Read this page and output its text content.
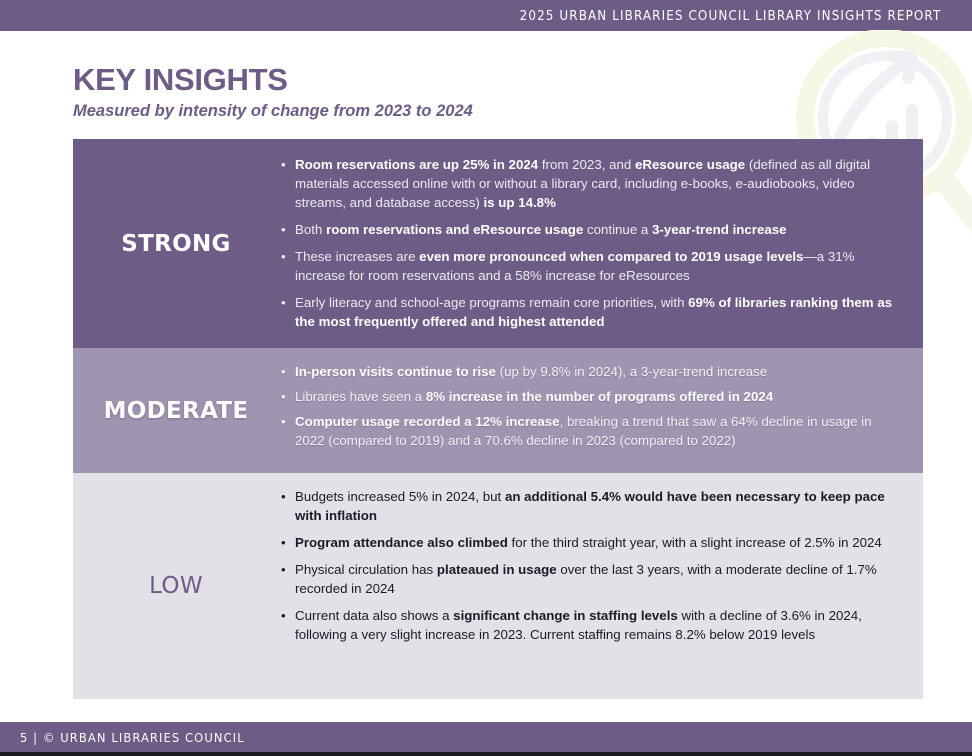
2025 URBAN LIBRARIES COUNCIL LIBRARY INSIGHTS REPORT
KEY INSIGHTS
Measured by intensity of change from 2023 to 2024
STRONG
• Room reservations are up 25% in 2024 from 2023, and eResource usage (defined as all digital materials accessed online with or without a library card, including e-books, e-audiobooks, video streams, and database access) is up 14.8%
• Both room reservations and eResource usage continue a 3-year-trend increase
• These increases are even more pronounced when compared to 2019 usage levels—a 31% increase for room reservations and a 58% increase for eResources
• Early literacy and school-age programs remain core priorities, with 69% of libraries ranking them as the most frequently offered and highest attended
MODERATE
• In-person visits continue to rise (up by 9.8% in 2024), a 3-year-trend increase
• Libraries have seen a 8% increase in the number of programs offered in 2024
• Computer usage recorded a 12% increase, breaking a trend that saw a 64% decline in usage in 2022 (compared to 2019) and a 70.6% decline in 2023 (compared to 2022)
LOW
• Budgets increased 5% in 2024, but an additional 5.4% would have been necessary to keep pace with inflation
• Program attendance also climbed for the third straight year, with a slight increase of 2.5% in 2024
• Physical circulation has plateaued in usage over the last 3 years, with a moderate decline of 1.7% recorded in 2024
• Current data also shows a significant change in staffing levels with a decline of 3.6% in 2024, following a very slight increase in 2023. Current staffing remains 8.2% below 2019 levels
5 | © URBAN LIBRARIES COUNCIL
